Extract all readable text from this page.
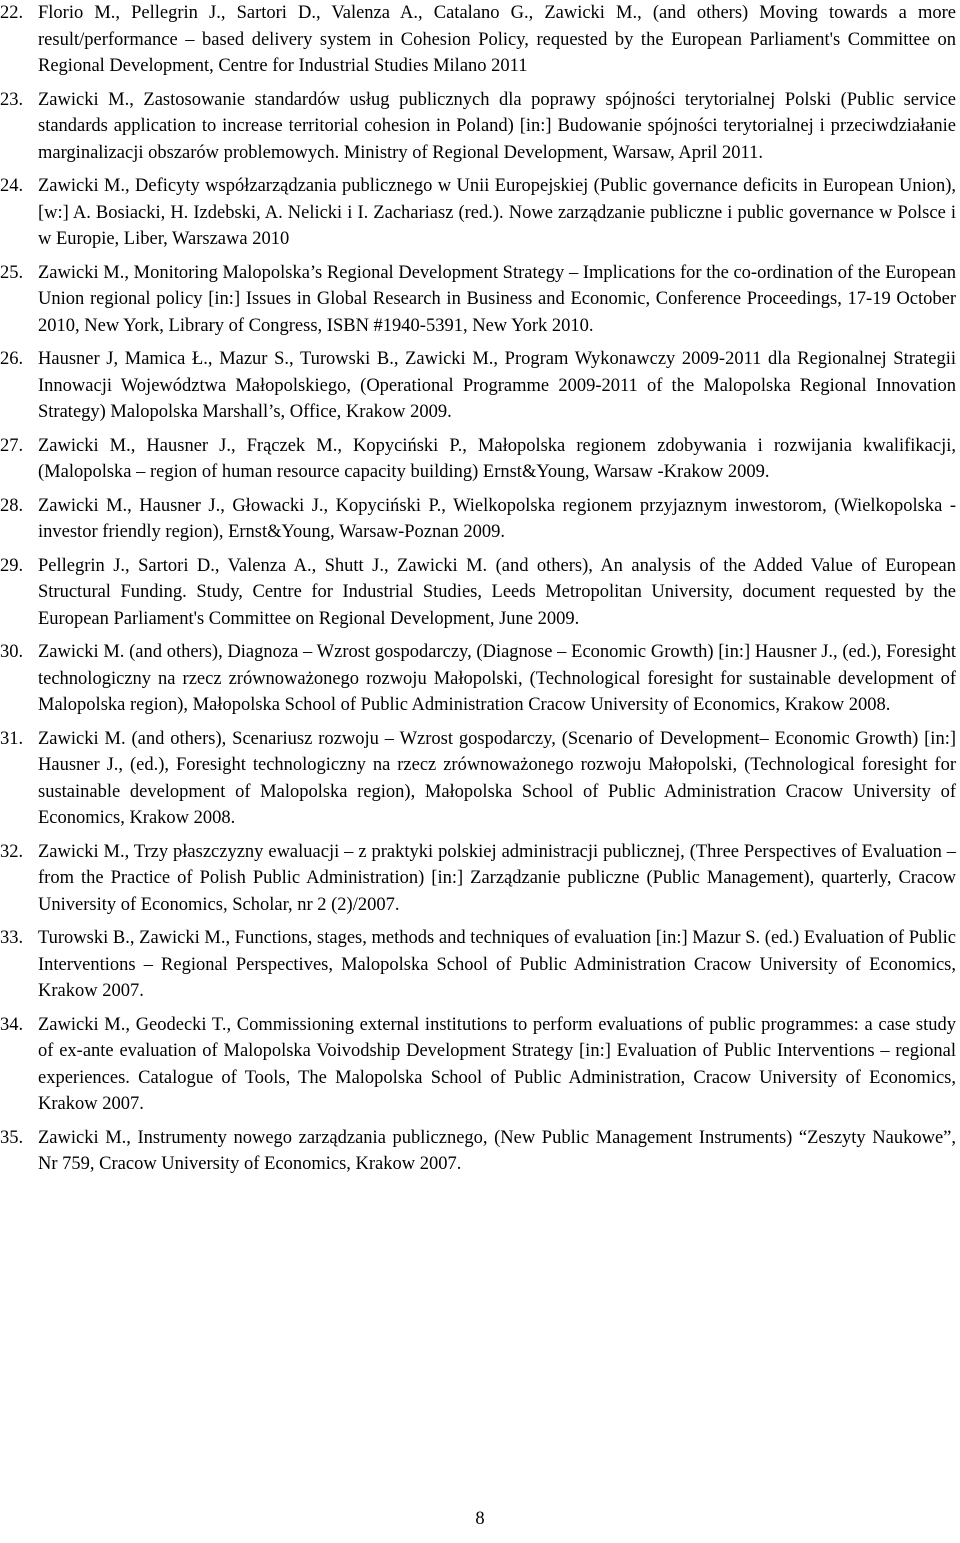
22. Florio M., Pellegrin J., Sartori D., Valenza A., Catalano G., Zawicki M., (and others) Moving towards a more result/performance – based delivery system in Cohesion Policy, requested by the European Parliament's Committee on Regional Development, Centre for Industrial Studies Milano 2011
23. Zawicki M., Zastosowanie standardów usług publicznych dla poprawy spójności terytorialnej Polski (Public service standards application to increase territorial cohesion in Poland) [in:] Budowanie spójności terytorialnej i przeciwdziałanie marginalizacji obszarów problemowych. Ministry of Regional Development, Warsaw, April 2011.
24. Zawicki M., Deficyty współzarządzania publicznego w Unii Europejskiej (Public governance deficits in European Union), [w:] A. Bosiacki, H. Izdebski, A. Nelicki i I. Zachariasz (red.). Nowe zarządzanie publiczne i public governance w Polsce i w Europie, Liber, Warszawa 2010
25. Zawicki M., Monitoring Malopolska’s Regional Development Strategy – Implications for the co-ordination of the European Union regional policy [in:] Issues in Global Research in Business and Economic, Conference Proceedings, 17-19 October 2010, New York, Library of Congress, ISBN #1940-5391, New York 2010.
26. Hausner J, Mamica Ł., Mazur S., Turowski B., Zawicki M., Program Wykonawczy 2009-2011 dla Regionalnej Strategii Innowacji Województwa Małopolskiego, (Operational Programme 2009-2011 of the Malopolska Regional Innovation Strategy) Malopolska Marshall’s, Office, Krakow 2009.
27. Zawicki M., Hausner J., Frączek M., Kopyciński P., Małopolska regionem zdobywania i rozwijania kwalifikacji, (Malopolska – region of human resource capacity building) Ernst&Young, Warsaw -Krakow 2009.
28. Zawicki M., Hausner J., Głowacki J., Kopyciński P., Wielkopolska regionem przyjaznym inwestorom, (Wielkopolska - investor friendly region), Ernst&Young, Warsaw-Poznan 2009.
29. Pellegrin J., Sartori D., Valenza A., Shutt J., Zawicki M. (and others), An analysis of the Added Value of European Structural Funding. Study, Centre for Industrial Studies, Leeds Metropolitan University, document requested by the European Parliament's Committee on Regional Development, June 2009.
30. Zawicki M. (and others), Diagnoza – Wzrost gospodarczy, (Diagnose – Economic Growth) [in:] Hausner J., (ed.), Foresight technologiczny na rzecz zrównoważonego rozwoju Małopolski, (Technological foresight for sustainable development of Malopolska region), Małopolska School of Public Administration Cracow University of Economics, Krakow 2008.
31. Zawicki M. (and others), Scenariusz rozwoju – Wzrost gospodarczy, (Scenario of Development– Economic Growth) [in:] Hausner J., (ed.), Foresight technologiczny na rzecz zrównoważonego rozwoju Małopolski, (Technological foresight for sustainable development of Malopolska region), Małopolska School of Public Administration Cracow University of Economics, Krakow 2008.
32. Zawicki M., Trzy płaszczyzny ewaluacji – z praktyki polskiej administracji publicznej, (Three Perspectives of Evaluation – from the Practice of Polish Public Administration) [in:] Zarządzanie publiczne (Public Management), quarterly, Cracow University of Economics, Scholar, nr 2 (2)/2007.
33. Turowski B., Zawicki M., Functions, stages, methods and techniques of evaluation [in:] Mazur S. (ed.) Evaluation of Public Interventions – Regional Perspectives, Malopolska School of Public Administration Cracow University of Economics, Krakow 2007.
34. Zawicki M., Geodecki T., Commissioning external institutions to perform evaluations of public programmes: a case study of ex-ante evaluation of Malopolska Voivodship Development Strategy [in:] Evaluation of Public Interventions – regional experiences. Catalogue of Tools, The Malopolska School of Public Administration, Cracow University of Economics, Krakow 2007.
35. Zawicki M., Instrumenty nowego zarządzania publicznego, (New Public Management Instruments) “Zeszyty Naukowe”, Nr 759, Cracow University of Economics, Krakow 2007.
8
